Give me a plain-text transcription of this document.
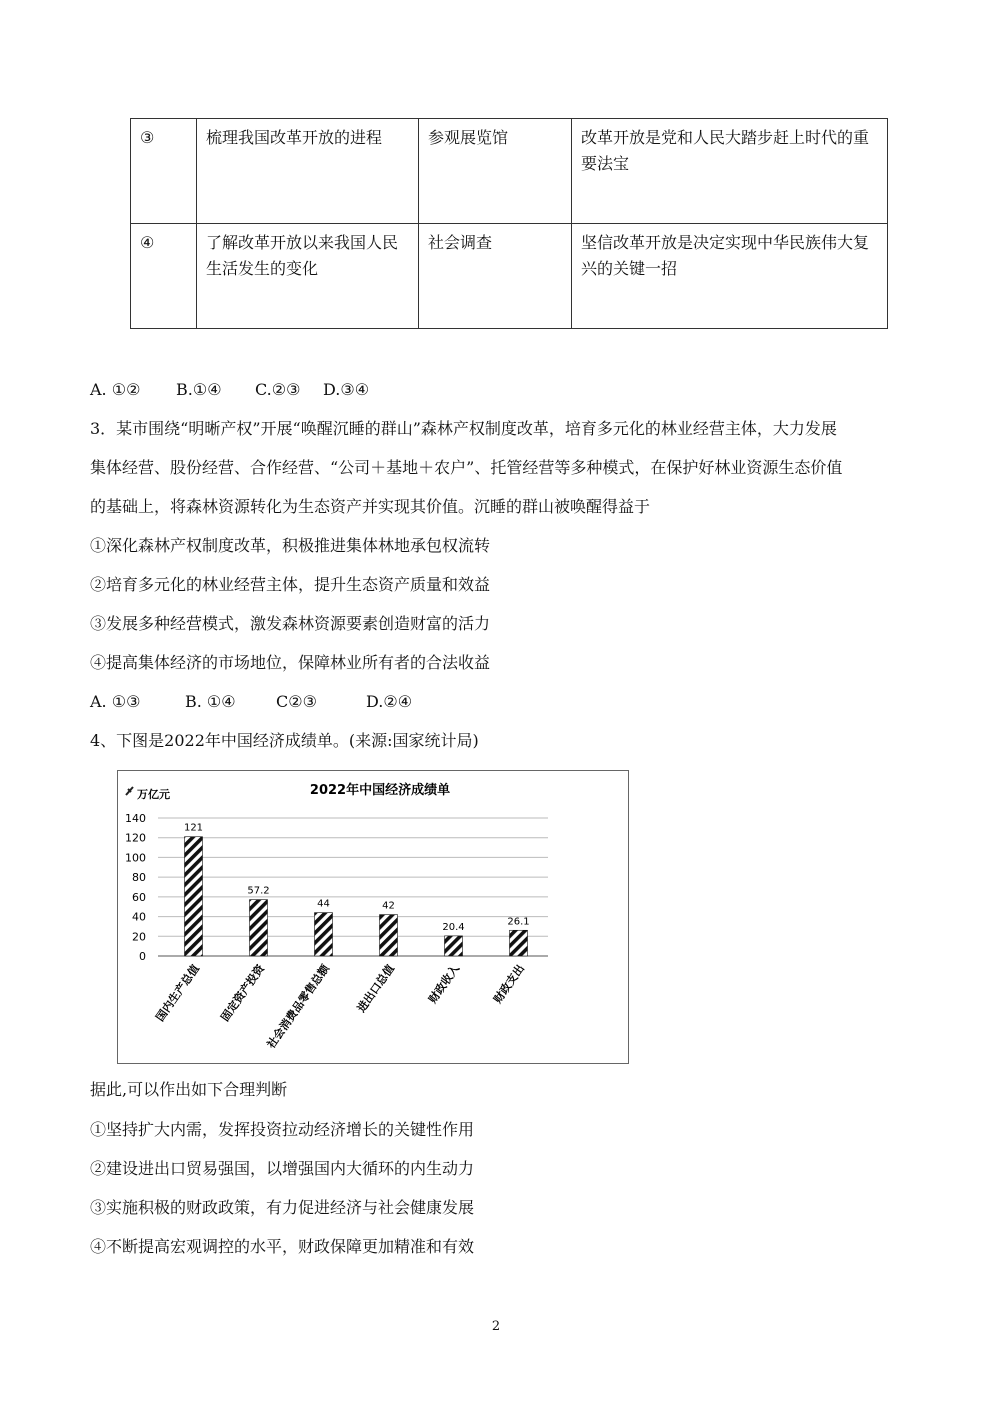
③	梳理我国改革开放的进程	参观展览馆	改革开放是党和人民大踏步赶上时代的重要法宝
④	了解改革开放以来我国人民生活发生的变化	社会调查	坚信改革开放是决定实现中华民族伟大复兴的关键一招
A. ①② B.①④ C.②③ D.③④
3．某市围绕“明晰产权”开展“唤醒沉睡的群山”森林产权制度改革，培育多元化的林业经营主体，大力发展
集体经营、股份经营、合作经营、“公司＋基地＋农户”、托管经营等多种模式，在保护好林业资源生态价值
的基础上，将森林资源转化为生态资产并实现其价值。沉睡的群山被唤醒得益于
①深化森林产权制度改革，积极推进集体林地承包权流转
②培育多元化的林业经营主体，提升生态资产质量和效益
③发展多种经营模式，激发森林资源要素创造财富的活力
④提高集体经济的市场地位，保障林业所有者的合法收益
A. ①③	B. ①④	C②③	D.②④
4、下图是2022年中国经济成绩单。(来源:国家统计局)
0
20
40
60
80
100
120
140
121
国内生产总值
57.2
固定资产投资
44
社会消费品零售总额
42
进出口总值
20.4
财政收入
26.1
财政支出
2022年中国经济成绩单
万亿元
据此,可以作出如下合理判断
①坚持扩大内需，发挥投资拉动经济增长的关键性作用
②建设进出口贸易强国，以增强国内大循环的内生动力
③实施积极的财政政策，有力促进经济与社会健康发展
④不断提高宏观调控的水平，财政保障更加精准和有效
2
